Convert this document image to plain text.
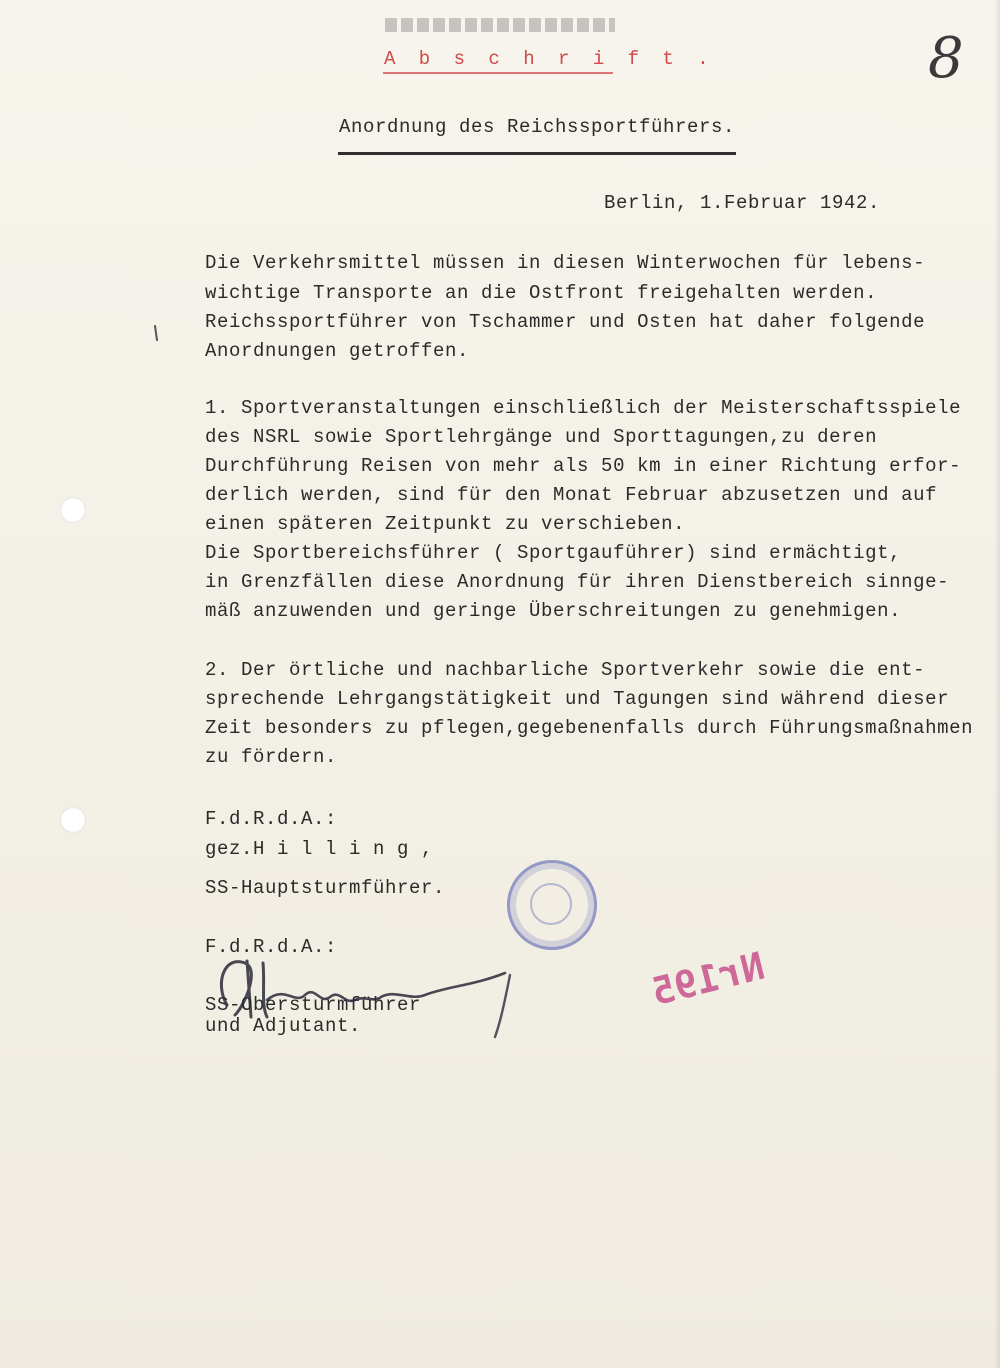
A b s c h r i f t .	8
Anordnung des Reichssportführers.
Berlin, 1.Februar 1942.
Die Verkehrsmittel müssen in diesen Winterwochen für lebens-
wichtige Transporte an die Ostfront freigehalten werden.
Reichssportführer von Tschammer und Osten hat daher folgende
Anordnungen getroffen.
1. Sportveranstaltungen einschließlich der Meisterschaftsspiele
des NSRL sowie Sportlehrgänge und Sporttagungen,zu deren
Durchführung Reisen von mehr als 50 km in einer Richtung erfor-
derlich werden, sind für den Monat Februar abzusetzen und auf
einen späteren Zeitpunkt zu verschieben.
Die Sportbereichsführer ( Sportgauführer) sind ermächtigt,
in Grenzfällen diese Anordnung für ihren Dienstbereich sinnge-
mäß anzuwenden und geringe Überschreitungen zu genehmigen.
2. Der örtliche und nachbarliche Sportverkehr sowie die ent-
sprechende Lehrgangstätigkeit und Tagungen sind während dieser
Zeit besonders zu pflegen,gegebenenfalls durch Führungsmaßnahmen
zu fördern.
F.d.R.d.A.:
gez.H i l l i n g ,
SS-Hauptsturmführer.
F.d.R.d.A.:
SS-Obersturmführer
und Adjutant.
Nr195
